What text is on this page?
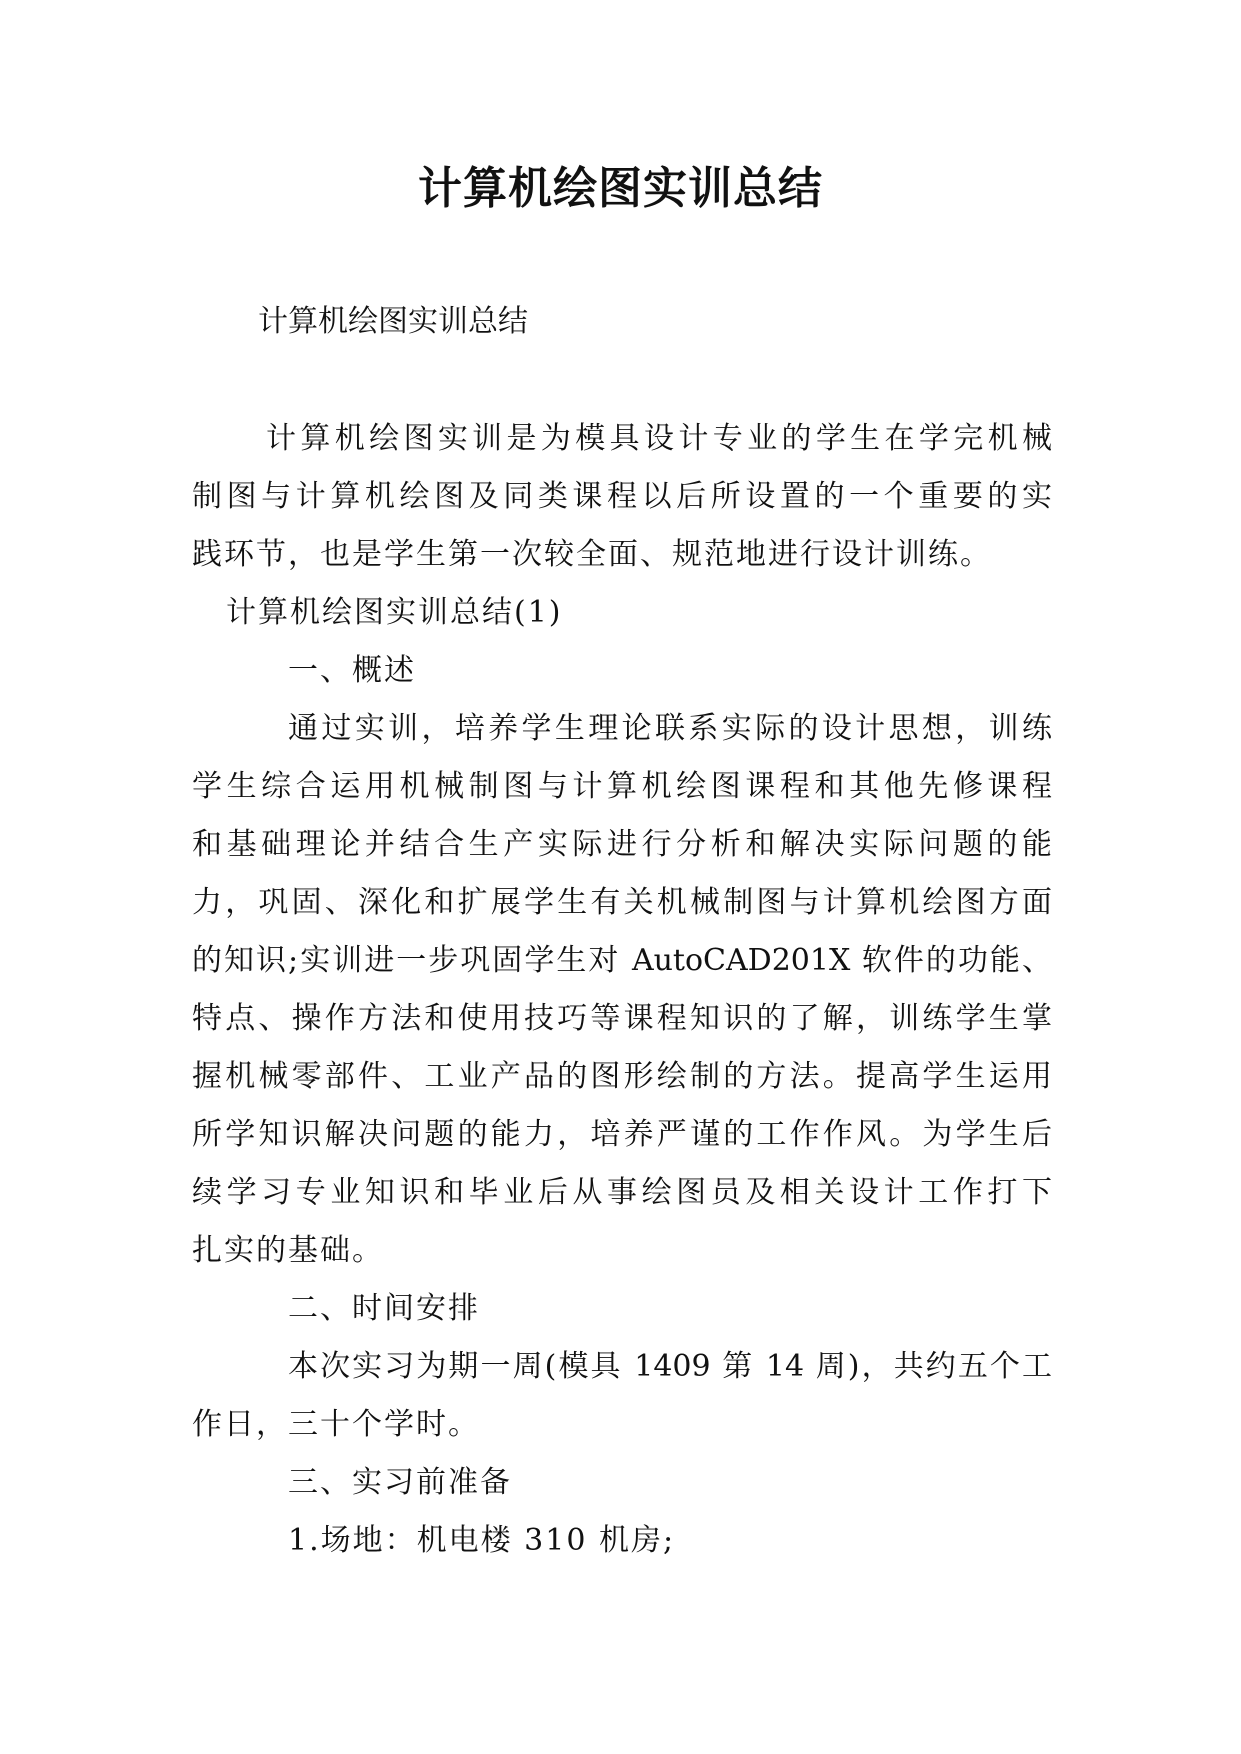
计算机绘图实训总结
计算机绘图实训总结
计算机绘图实训是为模具设计专业的学生在学完机械
制图与计算机绘图及同类课程以后所设置的一个重要的实
践环节，也是学生第一次较全面、规范地进行设计训练。
计算机绘图实训总结(1)
一、概述
通过实训，培养学生理论联系实际的设计思想，训练
学生综合运用机械制图与计算机绘图课程和其他先修课程
和基础理论并结合生产实际进行分析和解决实际问题的能
力，巩固、深化和扩展学生有关机械制图与计算机绘图方面
的知识;实训进一步巩固学生对 AutoCAD201X 软件的功能、
特点、操作方法和使用技巧等课程知识的了解，训练学生掌
握机械零部件、工业产品的图形绘制的方法。提高学生运用
所学知识解决问题的能力，培养严谨的工作作风。为学生后
续学习专业知识和毕业后从事绘图员及相关设计工作打下
扎实的基础。
二、时间安排
本次实习为期一周(模具 1409 第 14 周)，共约五个工
作日，三十个学时。
三、实习前准备
1.场地：机电楼 310 机房;
